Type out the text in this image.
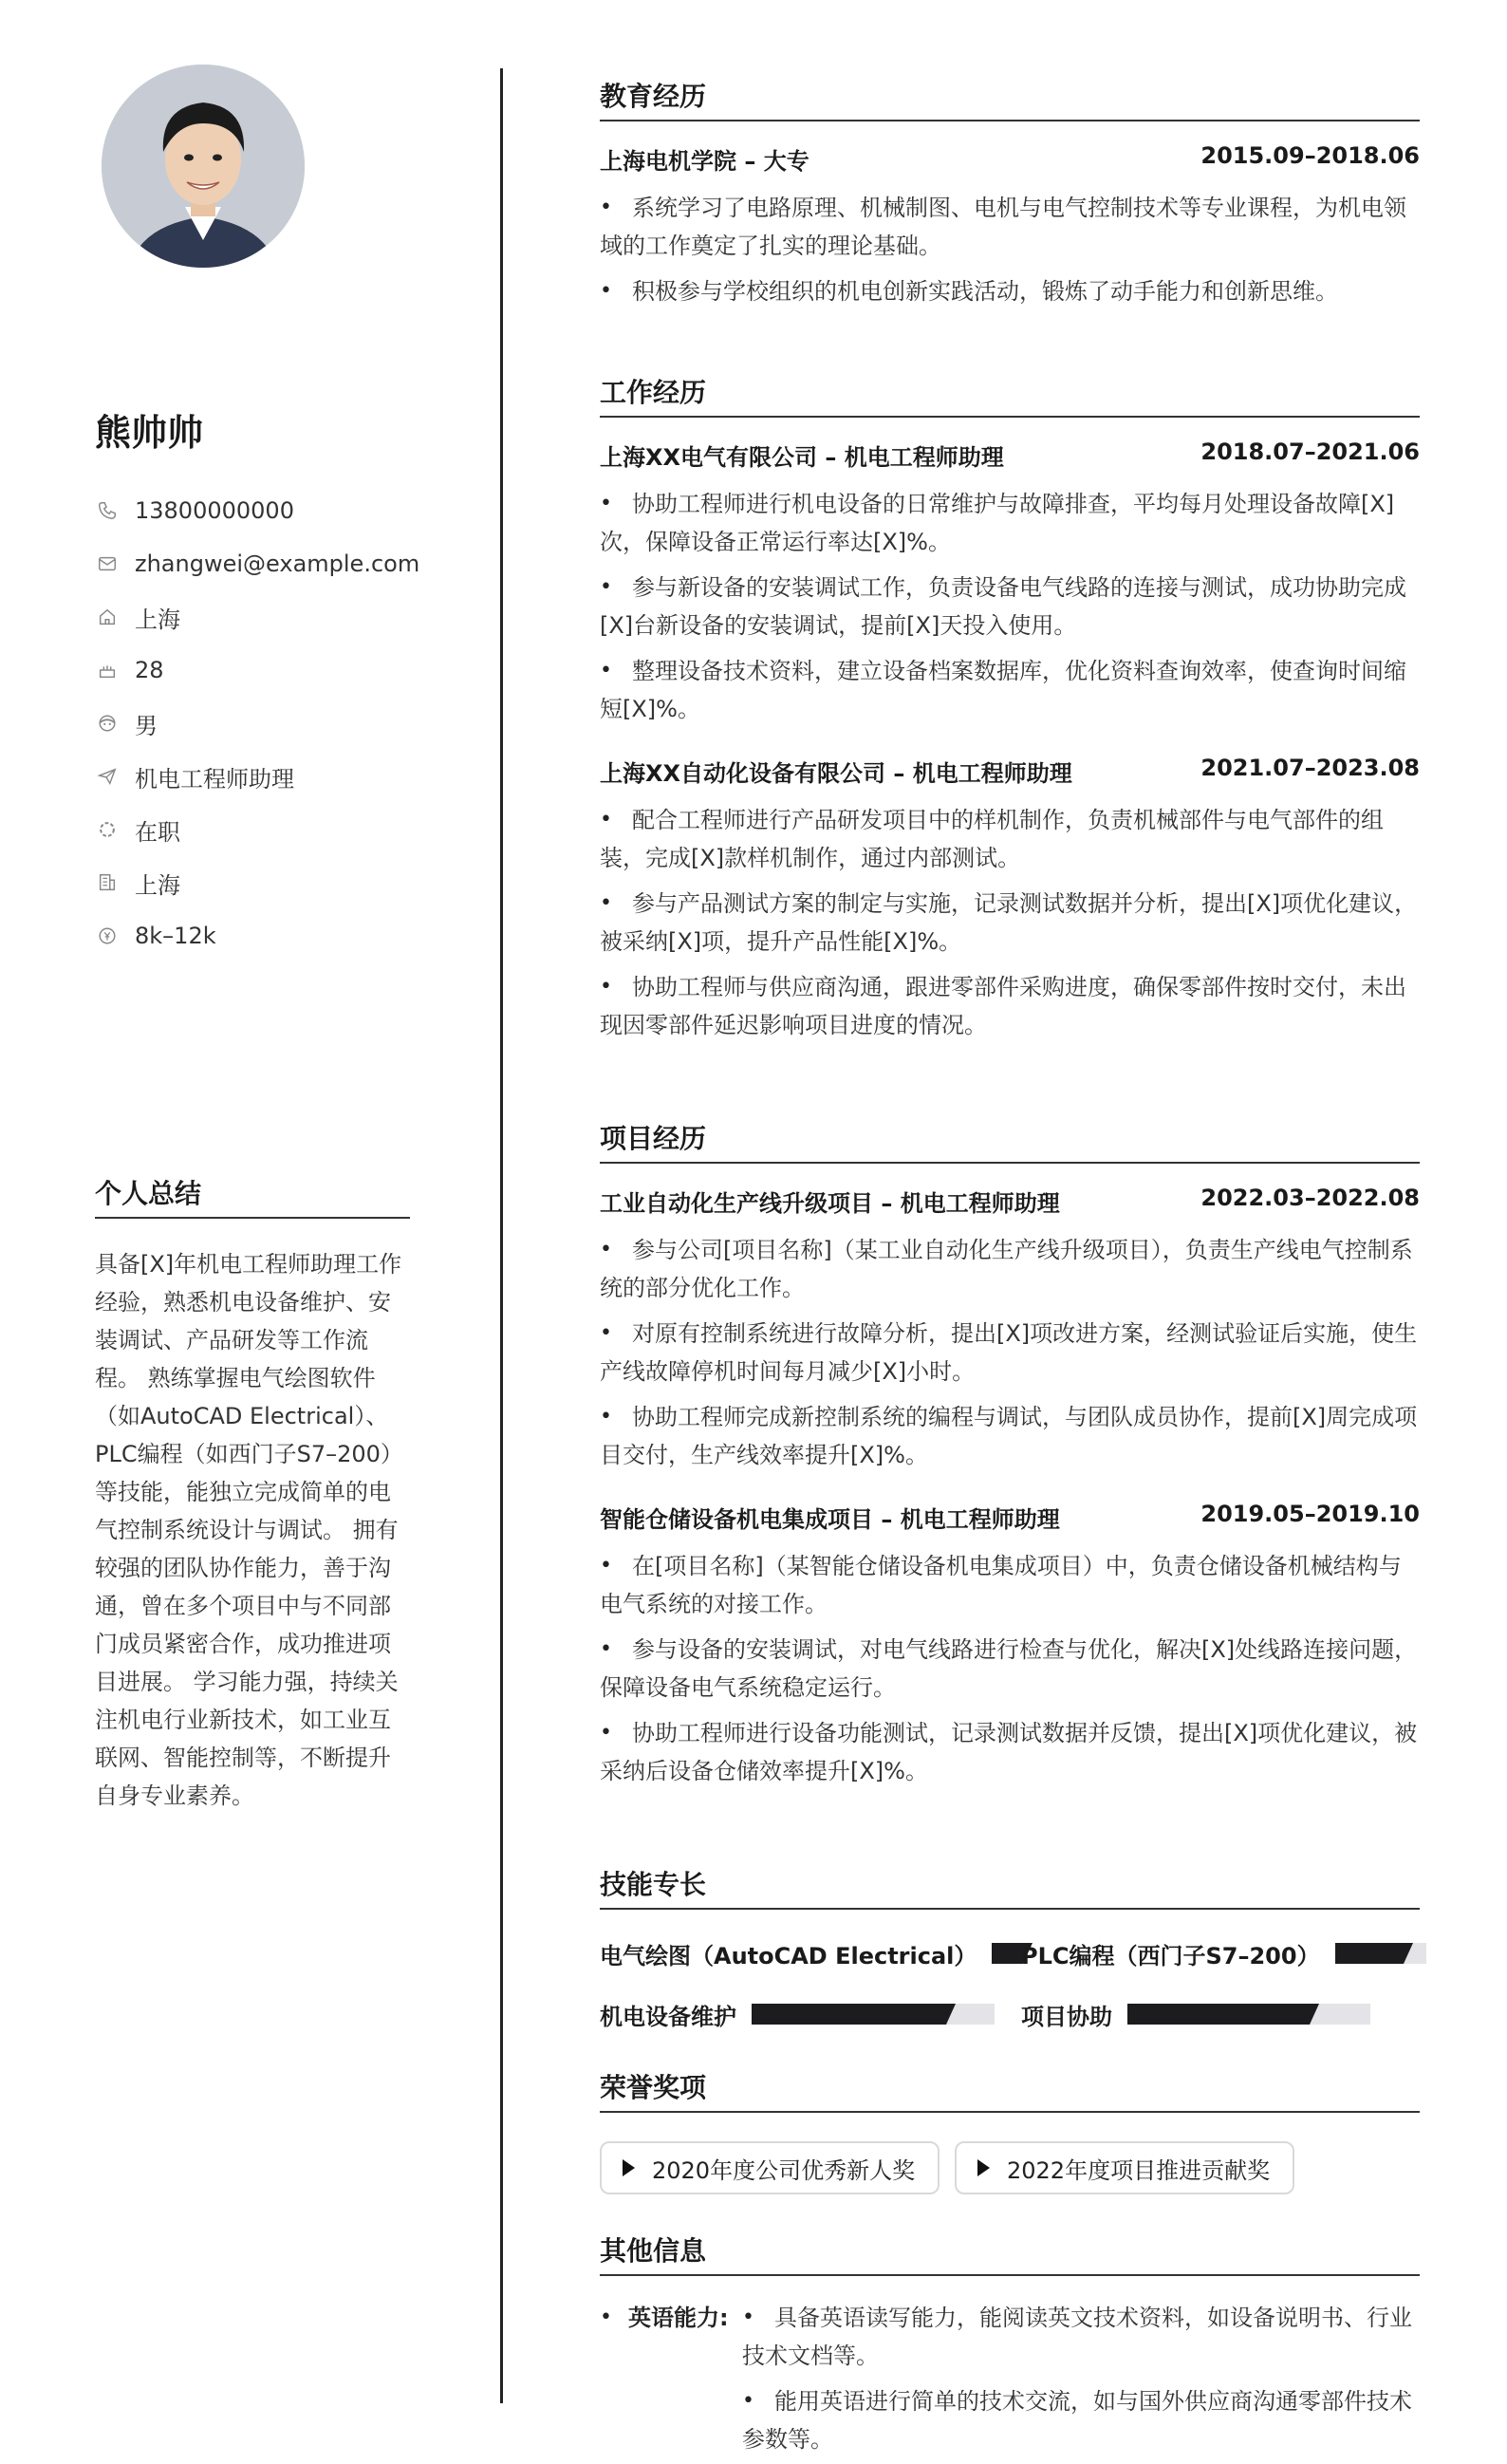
熊帅帅
13800000000
zhangwei@example.com
上海
28
男
机电工程师助理
在职
上海
8k–12k
个人总结
具备[X]年机电工程师助理工作经验，熟悉机电设备维护、安装调试、产品研发等工作流程。 熟练掌握电气绘图软件（如AutoCAD Electrical）、PLC编程（如西门子S7–200）等技能，能独立完成简单的电气控制系统设计与调试。 拥有较强的团队协作能力，善于沟通，曾在多个项目中与不同部门成员紧密合作，成功推进项目进展。 学习能力强，持续关注机电行业新技术，如工业互联网、智能控制等，不断提升自身专业素养。
教育经历
上海电机学院 – 大专	2015.09–2018.06
• 系统学习了电路原理、机械制图、电机与电气控制技术等专业课程，为机电领域的工作奠定了扎实的理论基础。
• 积极参与学校组织的机电创新实践活动，锻炼了动手能力和创新思维。
工作经历
上海XX电气有限公司 – 机电工程师助理	2018.07–2021.06
• 协助工程师进行机电设备的日常维护与故障排查，平均每月处理设备故障[X]次，保障设备正常运行率达[X]%。
• 参与新设备的安装调试工作，负责设备电气线路的连接与测试，成功协助完成[X]台新设备的安装调试，提前[X]天投入使用。
• 整理设备技术资料，建立设备档案数据库，优化资料查询效率，使查询时间缩短[X]%。
上海XX自动化设备有限公司 – 机电工程师助理	2021.07–2023.08
• 配合工程师进行产品研发项目中的样机制作，负责机械部件与电气部件的组装，完成[X]款样机制作，通过内部测试。
• 参与产品测试方案的制定与实施，记录测试数据并分析，提出[X]项优化建议，被采纳[X]项，提升产品性能[X]%。
• 协助工程师与供应商沟通，跟进零部件采购进度，确保零部件按时交付，未出现因零部件延迟影响项目进度的情况。
项目经历
工业自动化生产线升级项目 – 机电工程师助理	2022.03–2022.08
• 参与公司[项目名称]（某工业自动化生产线升级项目），负责生产线电气控制系统的部分优化工作。
• 对原有控制系统进行故障分析，提出[X]项改进方案，经测试验证后实施，使生产线故障停机时间每月减少[X]小时。
• 协助工程师完成新控制系统的编程与调试，与团队成员协作，提前[X]周完成项目交付，生产线效率提升[X]%。
智能仓储设备机电集成项目 – 机电工程师助理	2019.05–2019.10
• 在[项目名称]（某智能仓储设备机电集成项目）中，负责仓储设备机械结构与电气系统的对接工作。
• 参与设备的安装调试，对电气线路进行检查与优化，解决[X]处线路连接问题，保障设备电气系统稳定运行。
• 协助工程师进行设备功能测试，记录测试数据并反馈，提出[X]项优化建议，被采纳后设备仓储效率提升[X]%。
技能专长
电气绘图（AutoCAD Electrical） PLC编程（西门子S7–200）
机电设备维护	项目协助
荣誉奖项
2020年度公司优秀新人奖	2022年度项目推进贡献奖
其他信息
• 英语能力:
•	具备英语读写能力，能阅读英文技术资料，如设备说明书、行业技术文档等。
• 能用英语进行简单的技术交流，如与国外供应商沟通零部件技术参数等。
